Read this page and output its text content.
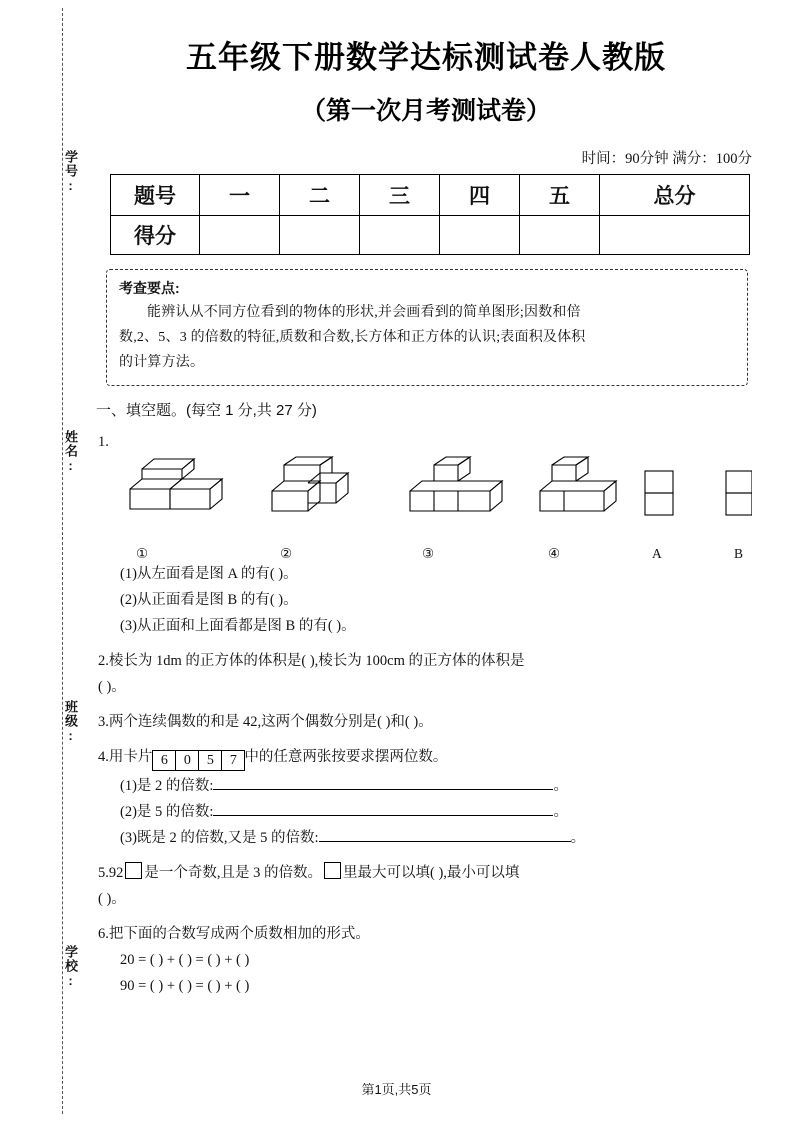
学号:
姓名:
班级:
学校:
五年级下册数学达标测试卷人教版
（第一次月考测试卷）
时间：90分钟 满分：100分
题号	一	二	三	四	五	总分
得分						
考查要点:

能辨认从不同方位看到的物体的形状,并会画看到的简单图形;因数和倍

数,2、5、3 的倍数的特征,质数和合数,长方体和正方体的认识;表面积及体积

的计算方法。

一、填空题。(每空 1 分,共 27 分)
1.
①	②	③	④	A	B
(1)从左面看是图 A 的有( )。
(2)从正面看是图 B 的有( )。
(3)从正面和上面看都是图 B 的有( )。
2.棱长为 1dm 的正方体的体积是( ),棱长为 100cm 的正方体的体积是
( )。
3.两个连续偶数的和是 42,这两个偶数分别是( )和( )。
4.用卡片 6 0 5 7 中的任意两张按要求摆两位数。
(1)是 2 的倍数:	。
(2)是 5 的倍数:	。
(3)既是 2 的倍数,又是 5 的倍数:	。
5.92 是一个奇数,且是 3 的倍数。 里最大可以填( ),最小可以填
( )。
6.把下面的合数写成两个质数相加的形式。
20 = ( ) + ( ) = ( ) + ( )
90 = ( ) + ( ) = ( ) + ( )
第1页,共5页
